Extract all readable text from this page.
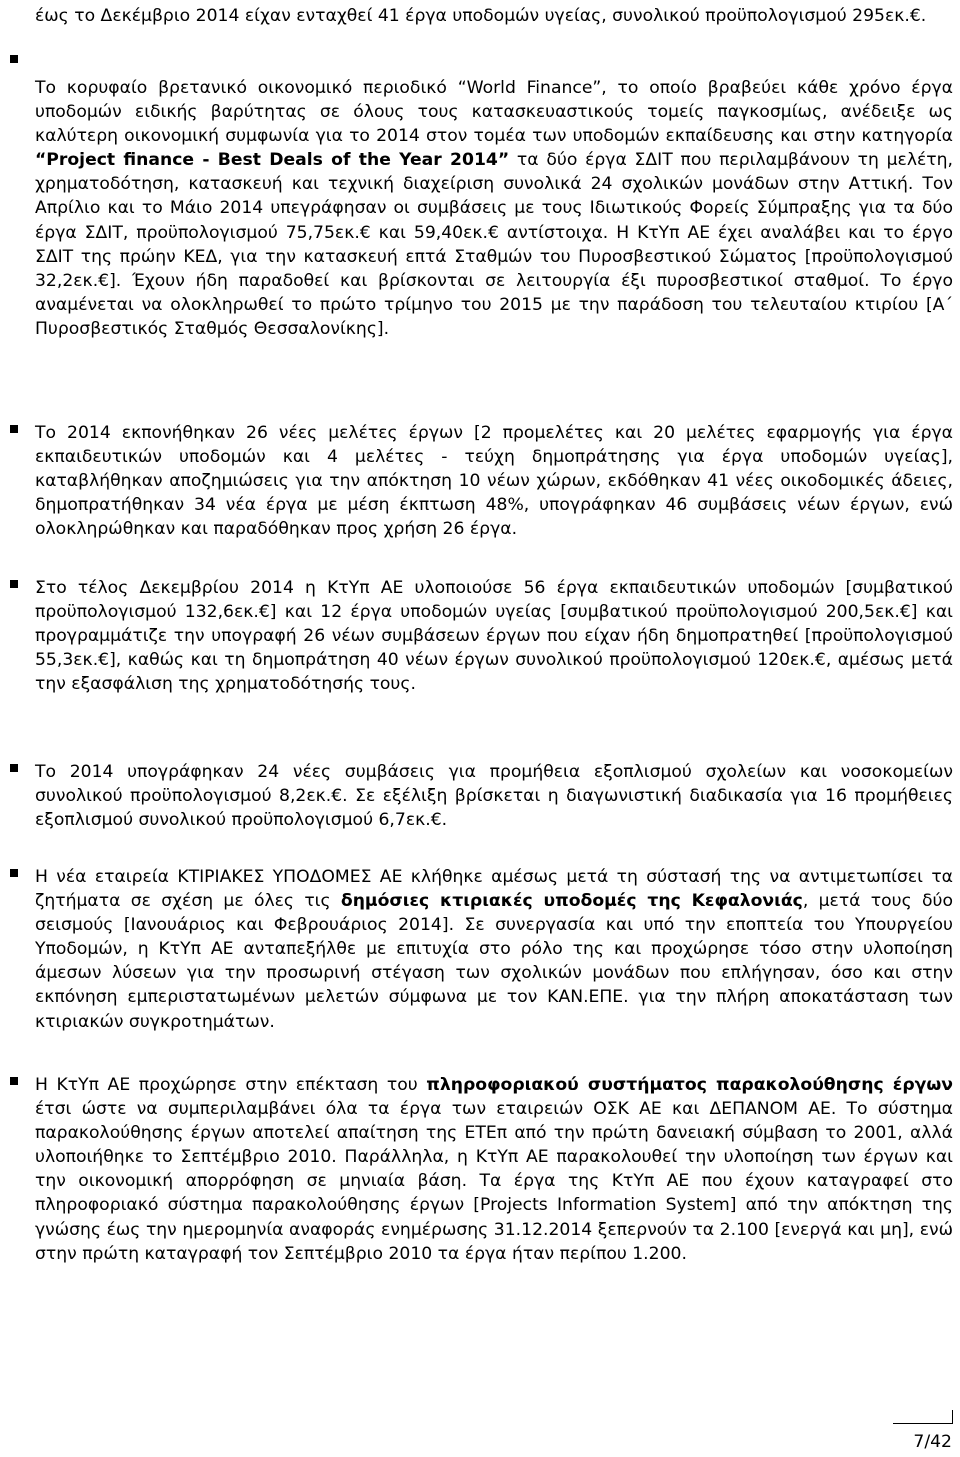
έως το Δεκέμβριο 2014 είχαν ενταχθεί 41 έργα υποδομών υγείας, συνολικού προϋπολογισμού 295εκ.€.

Το κορυφαίο βρετανικό οικονομικό περιοδικό “World Finance”, το οποίο βραβεύει κάθε χρόνο έργα υποδομών ειδικής βαρύτητας σε όλους τους κατασκευαστικούς τομείς παγκοσμίως, ανέδειξε ως καλύτερη οικονομική συμφωνία για το 2014 στον τομέα των υποδομών εκπαίδευσης και στην κατηγορία “Project finance - Best Deals of the Year 2014” τα δύο έργα ΣΔΙΤ που περιλαμβάνουν τη μελέτη, χρηματοδότηση, κατασκευή και τεχνική διαχείριση συνολικά 24 σχολικών μονάδων στην Αττική. Τον Απρίλιο και το Μάιο 2014 υπεγράφησαν οι συμβάσεις με τους Ιδιωτικούς Φορείς Σύμπραξης για τα δύο έργα ΣΔΙΤ, προϋπολογισμού 75,75εκ.€ και 59,40εκ.€ αντίστοιχα. Η ΚτΥπ ΑΕ έχει αναλάβει και το έργο ΣΔΙΤ της πρώην ΚΕΔ, για την κατασκευή επτά Σταθμών του Πυροσβεστικού Σώματος [προϋπολογισμού 32,2εκ.€]. Έχουν ήδη παραδοθεί και βρίσκονται σε λειτουργία έξι πυροσβεστικοί σταθμοί. Το έργο αναμένεται να ολοκληρωθεί το πρώτο τρίμηνο του 2015 με την παράδοση του τελευταίου κτιρίου [Α΄ Πυροσβεστικός Σταθμός Θεσσαλονίκης].

Το 2014 εκπονήθηκαν 26 νέες μελέτες έργων [2 προμελέτες και 20 μελέτες εφαρμογής για έργα εκπαιδευτικών υποδομών και 4 μελέτες - τεύχη δημοπράτησης για έργα υποδομών υγείας], καταβλήθηκαν αποζημιώσεις για την απόκτηση 10 νέων χώρων, εκδόθηκαν 41 νέες οικοδομικές άδειες, δημοπρατήθηκαν 34 νέα έργα με μέση έκπτωση 48%, υπογράφηκαν 46 συμβάσεις νέων έργων, ενώ ολοκληρώθηκαν και παραδόθηκαν προς χρήση 26 έργα.

Στο τέλος Δεκεμβρίου 2014 η ΚτΥπ ΑΕ υλοποιούσε 56 έργα εκπαιδευτικών υποδομών [συμβατικού προϋπολογισμού 132,6εκ.€] και 12 έργα υποδομών υγείας [συμβατικού προϋπολογισμού 200,5εκ.€] και προγραμμάτιζε την υπογραφή 26 νέων συμβάσεων έργων που είχαν ήδη δημοπρατηθεί [προϋπολογισμού 55,3εκ.€], καθώς και τη δημοπράτηση 40 νέων έργων συνολικού προϋπολογισμού 120εκ.€, αμέσως μετά την εξασφάλιση της χρηματοδότησής τους.

Το 2014 υπογράφηκαν 24 νέες συμβάσεις για προμήθεια εξοπλισμού σχολείων και νοσοκομείων συνολικού προϋπολογισμού 8,2εκ.€. Σε εξέλιξη βρίσκεται η διαγωνιστική διαδικασία για 16 προμήθειες εξοπλισμού συνολικού προϋπολογισμού 6,7εκ.€.

Η νέα εταιρεία ΚΤΙΡΙΑΚΕΣ ΥΠΟΔΟΜΕΣ ΑΕ κλήθηκε αμέσως μετά τη σύστασή της να αντιμετωπίσει τα ζητήματα σε σχέση με όλες τις δημόσιες κτιριακές υποδομές της Κεφαλονιάς, μετά τους δύο σεισμούς [Ιανουάριος και Φεβρουάριος 2014]. Σε συνεργασία και υπό την εποπτεία του Υπουργείου Υποδομών, η ΚτΥπ ΑΕ ανταπεξήλθε με επιτυχία στο ρόλο της και προχώρησε τόσο στην υλοποίηση άμεσων λύσεων για την προσωρινή στέγαση των σχολικών μονάδων που επλήγησαν, όσο και στην εκπόνηση εμπεριστατωμένων μελετών σύμφωνα με τον ΚΑΝ.ΕΠΕ. για την πλήρη αποκατάσταση των κτιριακών συγκροτημάτων.

Η ΚτΥπ ΑΕ προχώρησε στην επέκταση του πληροφοριακού συστήματος παρακολούθησης έργων έτσι ώστε να συμπεριλαμβάνει όλα τα έργα των εταιρειών ΟΣΚ ΑΕ και ΔΕΠΑΝΟΜ ΑΕ. Το σύστημα παρακολούθησης έργων αποτελεί απαίτηση της ΕΤΕπ από την πρώτη δανειακή σύμβαση το 2001, αλλά υλοποιήθηκε το Σεπτέμβριο 2010. Παράλληλα, η ΚτΥπ ΑΕ παρακολουθεί την υλοποίηση των έργων και την οικονομική απορρόφηση σε μηνιαία βάση. Τα έργα της ΚτΥπ ΑΕ που έχουν καταγραφεί στο πληροφοριακό σύστημα παρακολούθησης έργων [Projects Information System] από την απόκτηση της γνώσης έως την ημερομηνία αναφοράς ενημέρωσης 31.12.2014 ξεπερνούν τα 2.100 [ενεργά και μη], ενώ στην πρώτη καταγραφή τον Σεπτέμβριο 2010 τα έργα ήταν περίπου 1.200.

7/42
